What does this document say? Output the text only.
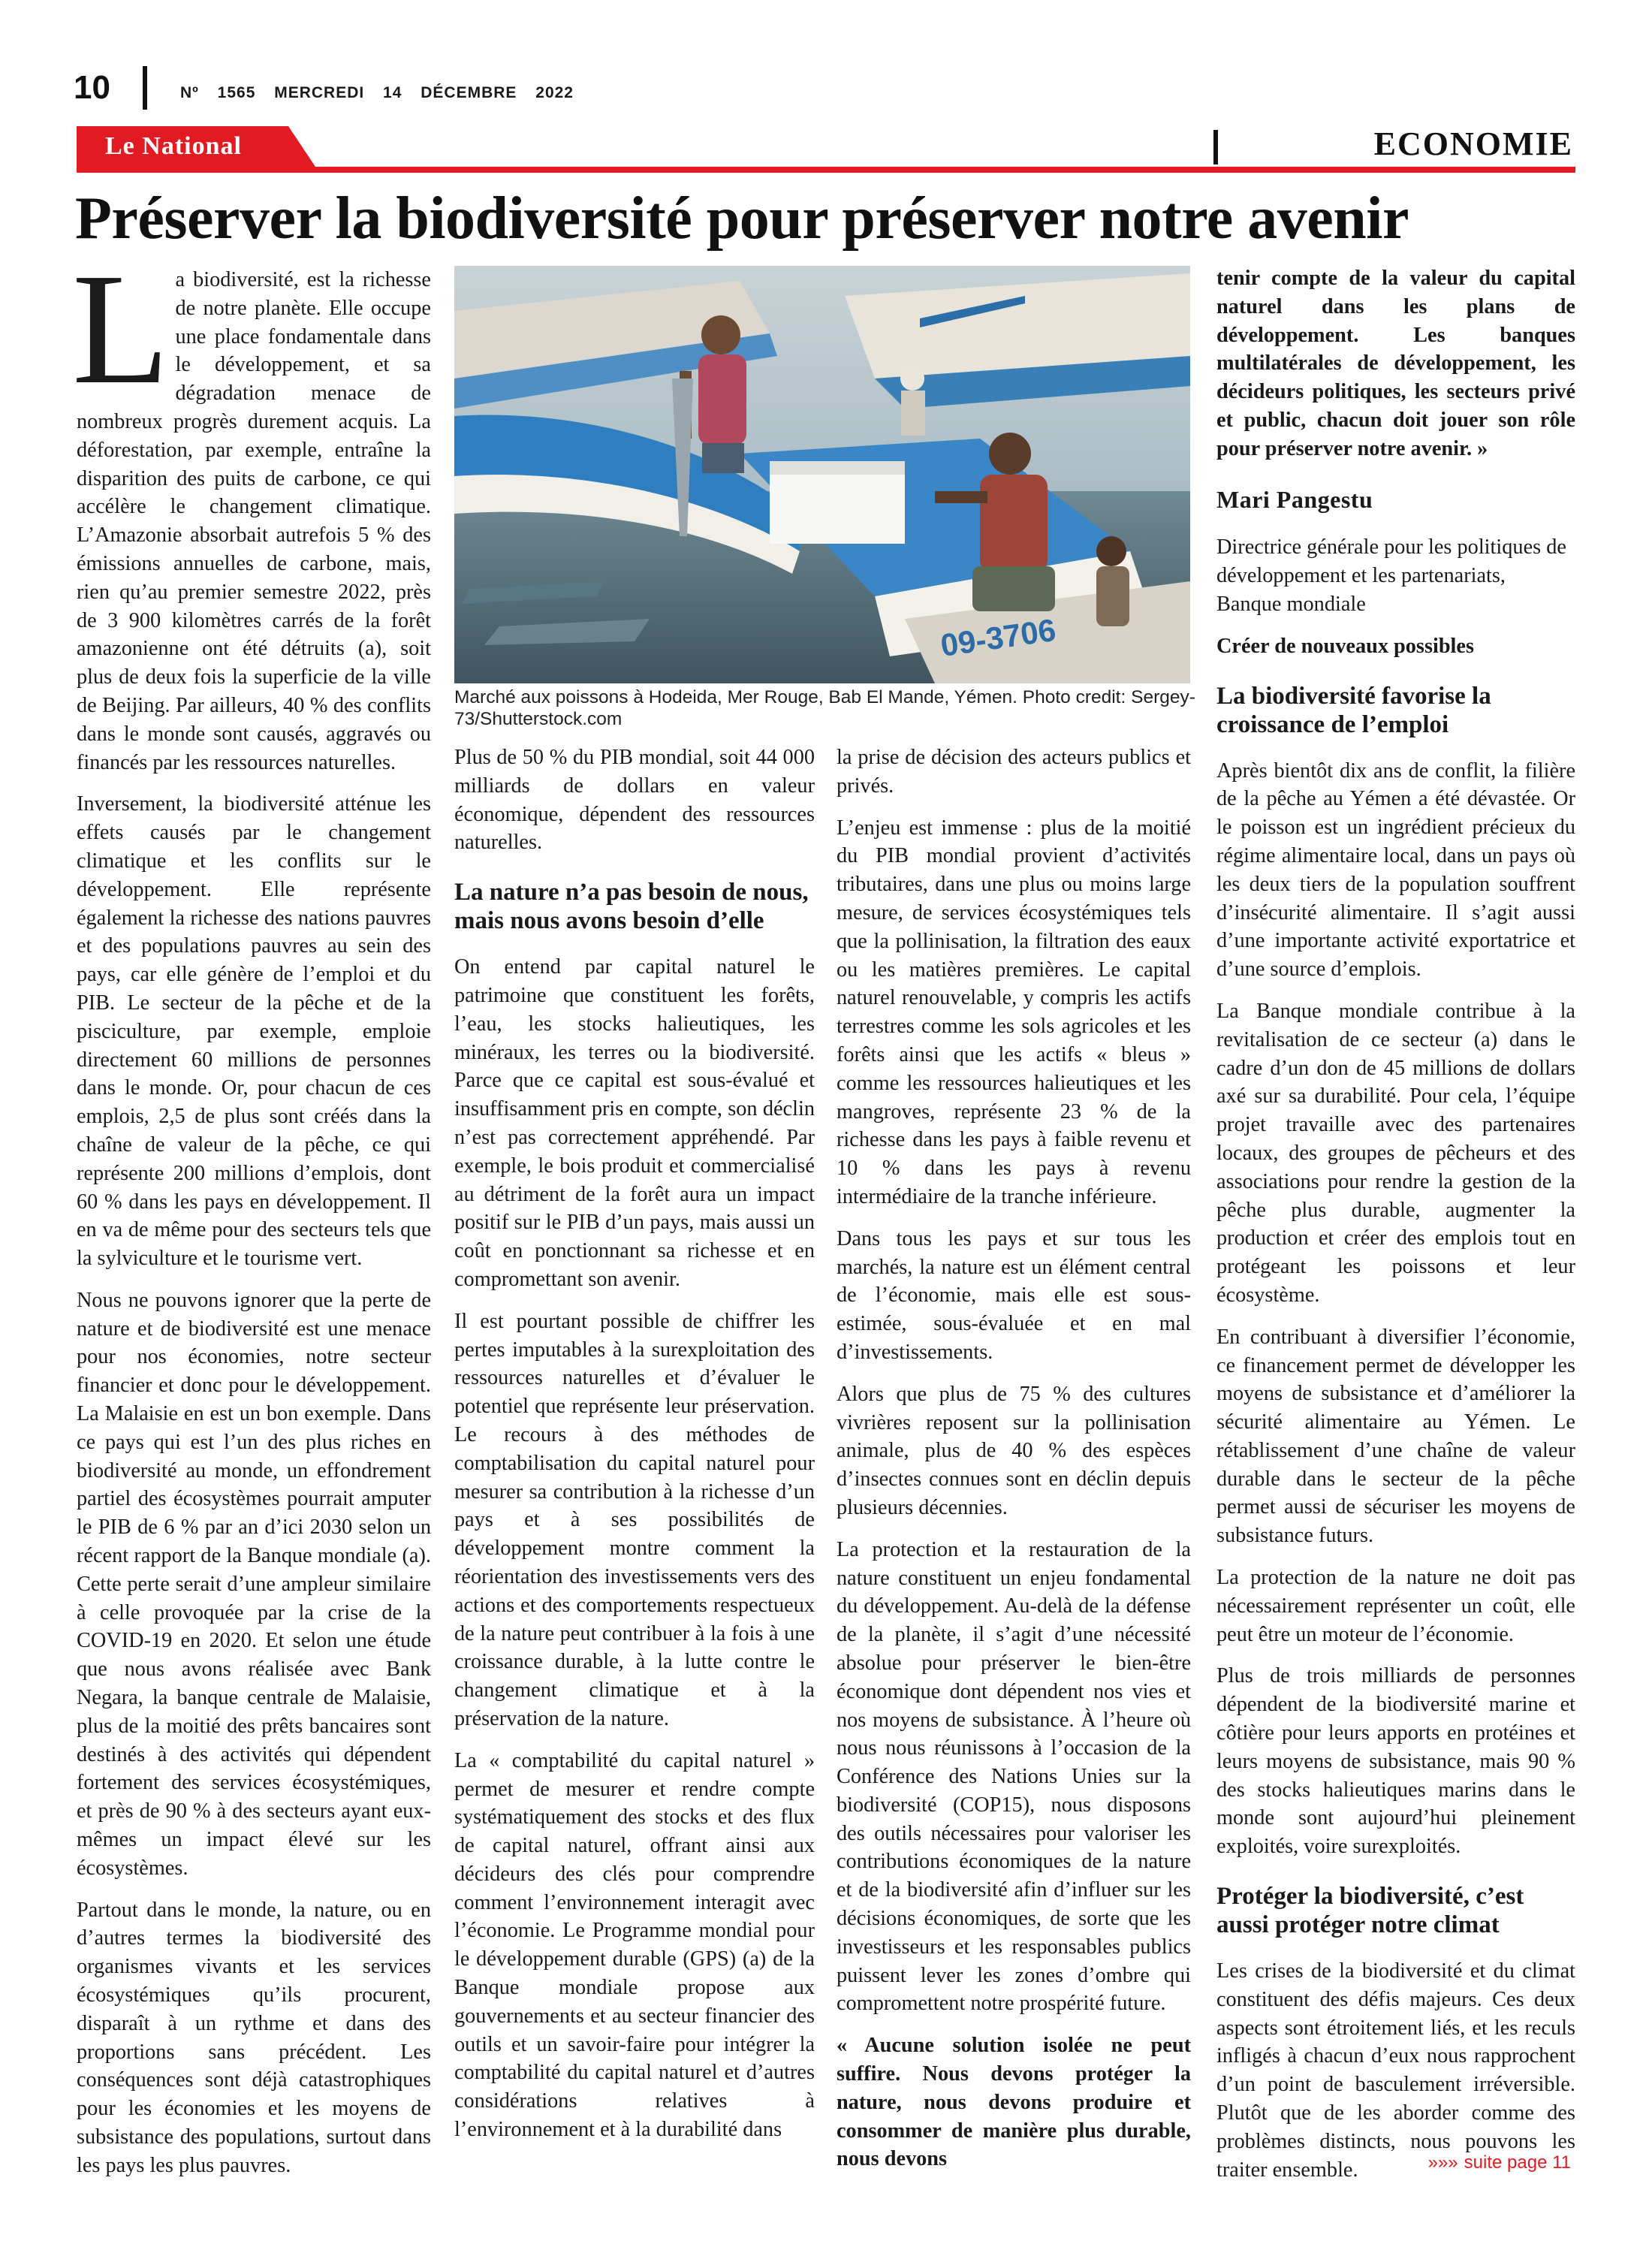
10	Nº 1565 MERCREDI 14 DÉCEMBRE 2022
Le National	ECONOMIE
Préserver la biodiversité pour préserver notre avenir
09-3706
Marché aux poissons à Hodeida, Mer Rouge, Bab El Mande, Yémen. Photo credit: Sergey-73/Shutterstock.com

La biodiversité, est la richesse de notre planète. Elle occupe une place fondamentale dans le développement, et sa dégradation menace de nombreux progrès durement acquis. La déforestation, par exemple, entraîne la disparition des puits de carbone, ce qui accélère le changement climatique. L’Amazonie absorbait autrefois 5 % des émissions annuelles de carbone, mais, rien qu’au premier semestre 2022, près de 3 900 kilomètres carrés de la forêt amazonienne ont été détruits (a), soit plus de deux fois la superficie de la ville de Beijing. Par ailleurs, 40 % des conflits dans le monde sont causés, aggravés ou financés par les ressources naturelles.

Inversement, la biodiversité atténue les effets causés par le changement climatique et les conflits sur le développement. Elle représente également la richesse des nations pauvres et des populations pauvres au sein des pays, car elle génère de l’emploi et du PIB. Le secteur de la pêche et de la pisciculture, par exemple, emploie directement 60 millions de personnes dans le monde. Or, pour chacun de ces emplois, 2,5 de plus sont créés dans la chaîne de valeur de la pêche, ce qui représente 200 millions d’emplois, dont 60 % dans les pays en développement. Il en va de même pour des secteurs tels que la sylviculture et le tourisme vert.

Nous ne pouvons ignorer que la perte de nature et de biodiversité est une menace pour nos économies, notre secteur financier et donc pour le développement. La Malaisie en est un bon exemple. Dans ce pays qui est l’un des plus riches en biodiversité au monde, un effondrement partiel des écosystèmes pourrait amputer le PIB de 6 % par an d’ici 2030 selon un récent rapport de la Banque mondiale (a). Cette perte serait d’une ampleur similaire à celle provoquée par la crise de la COVID-19 en 2020. Et selon une étude que nous avons réalisée avec Bank Negara, la banque centrale de Malaisie, plus de la moitié des prêts bancaires sont destinés à des activités qui dépendent fortement des services écosystémiques, et près de 90 % à des secteurs ayant eux-mêmes un impact élevé sur les écosystèmes.

Partout dans le monde, la nature, ou en d’autres termes la biodiversité des organismes vivants et les services écosystémiques qu’ils procurent, disparaît à un rythme et dans des proportions sans précédent. Les conséquences sont déjà catastrophiques pour les économies et les moyens de subsistance des populations, surtout dans les pays les plus pauvres.

Plus de 50 % du PIB mondial, soit 44 000 milliards de dollars en valeur économique, dépendent des ressources naturelles.

La nature n’a pas besoin de nous, mais nous avons besoin d’elle

On entend par capital naturel le patrimoine que constituent les forêts, l’eau, les stocks halieutiques, les minéraux, les terres ou la biodiversité. Parce que ce capital est sous-évalué et insuffisamment pris en compte, son déclin n’est pas correctement appréhendé. Par exemple, le bois produit et commercialisé au détriment de la forêt aura un impact positif sur le PIB d’un pays, mais aussi un coût en ponctionnant sa richesse et en compromettant son avenir.

Il est pourtant possible de chiffrer les pertes imputables à la surexploitation des ressources naturelles et d’évaluer le potentiel que représente leur préservation. Le recours à des méthodes de comptabilisation du capital naturel pour mesurer sa contribution à la richesse d’un pays et à ses possibilités de développement montre comment la réorientation des investissements vers des actions et des comportements respectueux de la nature peut contribuer à la fois à une croissance durable, à la lutte contre le changement climatique et à la préservation de la nature.

La « comptabilité du capital naturel » permet de mesurer et rendre compte systématiquement des stocks et des flux de capital naturel, offrant ainsi aux décideurs des clés pour comprendre comment l’environnement interagit avec l’économie. Le Programme mondial pour le développement durable (GPS) (a) de la Banque mondiale propose aux gouvernements et au secteur financier des outils et un savoir-faire pour intégrer la comptabilité du capital naturel et d’autres considérations relatives à l’environnement et à la durabilité dans

la prise de décision des acteurs publics et privés.

L’enjeu est immense : plus de la moitié du PIB mondial provient d’activités tributaires, dans une plus ou moins large mesure, de services écosystémiques tels que la pollinisation, la filtration des eaux ou les matières premières. Le capital naturel renouvelable, y compris les actifs terrestres comme les sols agricoles et les forêts ainsi que les actifs « bleus » comme les ressources halieutiques et les mangroves, représente 23 % de la richesse dans les pays à faible revenu et 10 % dans les pays à revenu intermédiaire de la tranche inférieure.

Dans tous les pays et sur tous les marchés, la nature est un élément central de l’économie, mais elle est sous-estimée, sous-évaluée et en mal d’investissements.

Alors que plus de 75 % des cultures vivrières reposent sur la pollinisation animale, plus de 40 % des espèces d’insectes connues sont en déclin depuis plusieurs décennies.

La protection et la restauration de la nature constituent un enjeu fondamental du développement. Au-delà de la défense de la planète, il s’agit d’une nécessité absolue pour préserver le bien-être économique dont dépendent nos vies et nos moyens de subsistance. À l’heure où nous nous réunissons à l’occasion de la Conférence des Nations Unies sur la biodiversité (COP15), nous disposons des outils nécessaires pour valoriser les contributions économiques de la nature et de la biodiversité afin d’influer sur les décisions économiques, de sorte que les investisseurs et les responsables publics puissent lever les zones d’ombre qui compromettent notre prospérité future.

« Aucune solution isolée ne peut suffire. Nous devons protéger la nature, nous devons produire et consommer de manière plus durable, nous devons

tenir compte de la valeur du capital naturel dans les plans de développement. Les banques multilatérales de développement, les décideurs politiques, les secteurs privé et public, chacun doit jouer son rôle pour préserver notre avenir. »

Mari Pangestu

Directrice générale pour les politiques de développement et les partenariats, Banque mondiale

Créer de nouveaux possibles

La biodiversité favorise la croissance de l’emploi

Après bientôt dix ans de conflit, la filière de la pêche au Yémen a été dévastée. Or le poisson est un ingrédient précieux du régime alimentaire local, dans un pays où les deux tiers de la population souffrent d’insécurité alimentaire. Il s’agit aussi d’une importante activité exportatrice et d’une source d’emplois.

La Banque mondiale contribue à la revitalisation de ce secteur (a) dans le cadre d’un don de 45 millions de dollars axé sur sa durabilité. Pour cela, l’équipe projet travaille avec des partenaires locaux, des groupes de pêcheurs et des associations pour rendre la gestion de la pêche plus durable, augmenter la production et créer des emplois tout en protégeant les poissons et leur écosystème.

En contribuant à diversifier l’économie, ce financement permet de développer les moyens de subsistance et d’améliorer la sécurité alimentaire au Yémen. Le rétablissement d’une chaîne de valeur durable dans le secteur de la pêche permet aussi de sécuriser les moyens de subsistance futurs.

La protection de la nature ne doit pas nécessairement représenter un coût, elle peut être un moteur de l’économie.

Plus de trois milliards de personnes dépendent de la biodiversité marine et côtière pour leurs apports en protéines et leurs moyens de subsistance, mais 90 % des stocks halieutiques marins dans le monde sont aujourd’hui pleinement exploités, voire surexploités.

Protéger la biodiversité, c’est aussi protéger notre climat

Les crises de la biodiversité et du climat constituent des défis majeurs. Ces deux aspects sont étroitement liés, et les reculs infligés à chacun d’eux nous rapprochent d’un point de basculement irréversible. Plutôt que de les aborder comme des problèmes distincts, nous pouvons les traiter ensemble.	»»» suite page 11
